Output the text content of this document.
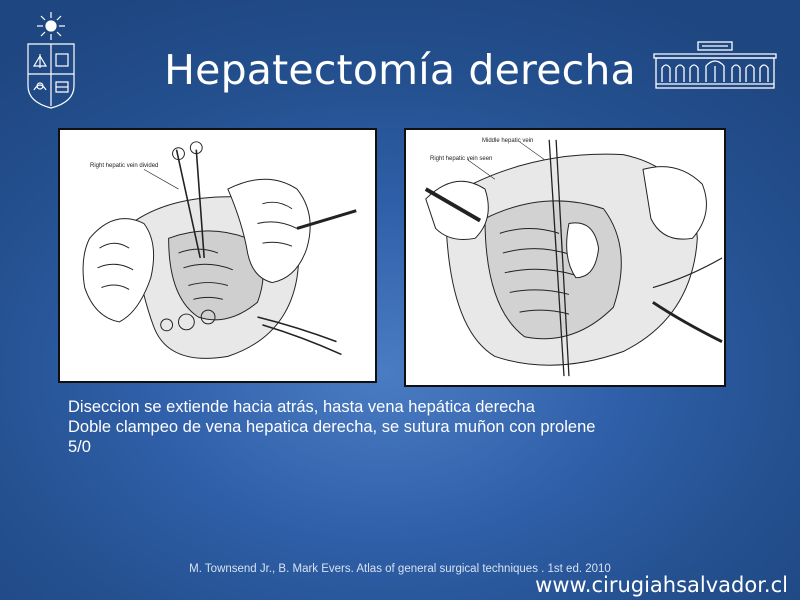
Hepatectomía derecha
Right hepatic vein divided
Middle hepatic vein
Right hepatic vein seen
Diseccion se extiende hacia atrás, hasta vena hepática derecha
Doble clampeo de vena hepatica derecha, se sutura muñon con prolene
5/0
M. Townsend Jr., B. Mark Evers. Atlas of general surgical techniques . 1st ed. 2010
www.cirugiahsalvador.cl
